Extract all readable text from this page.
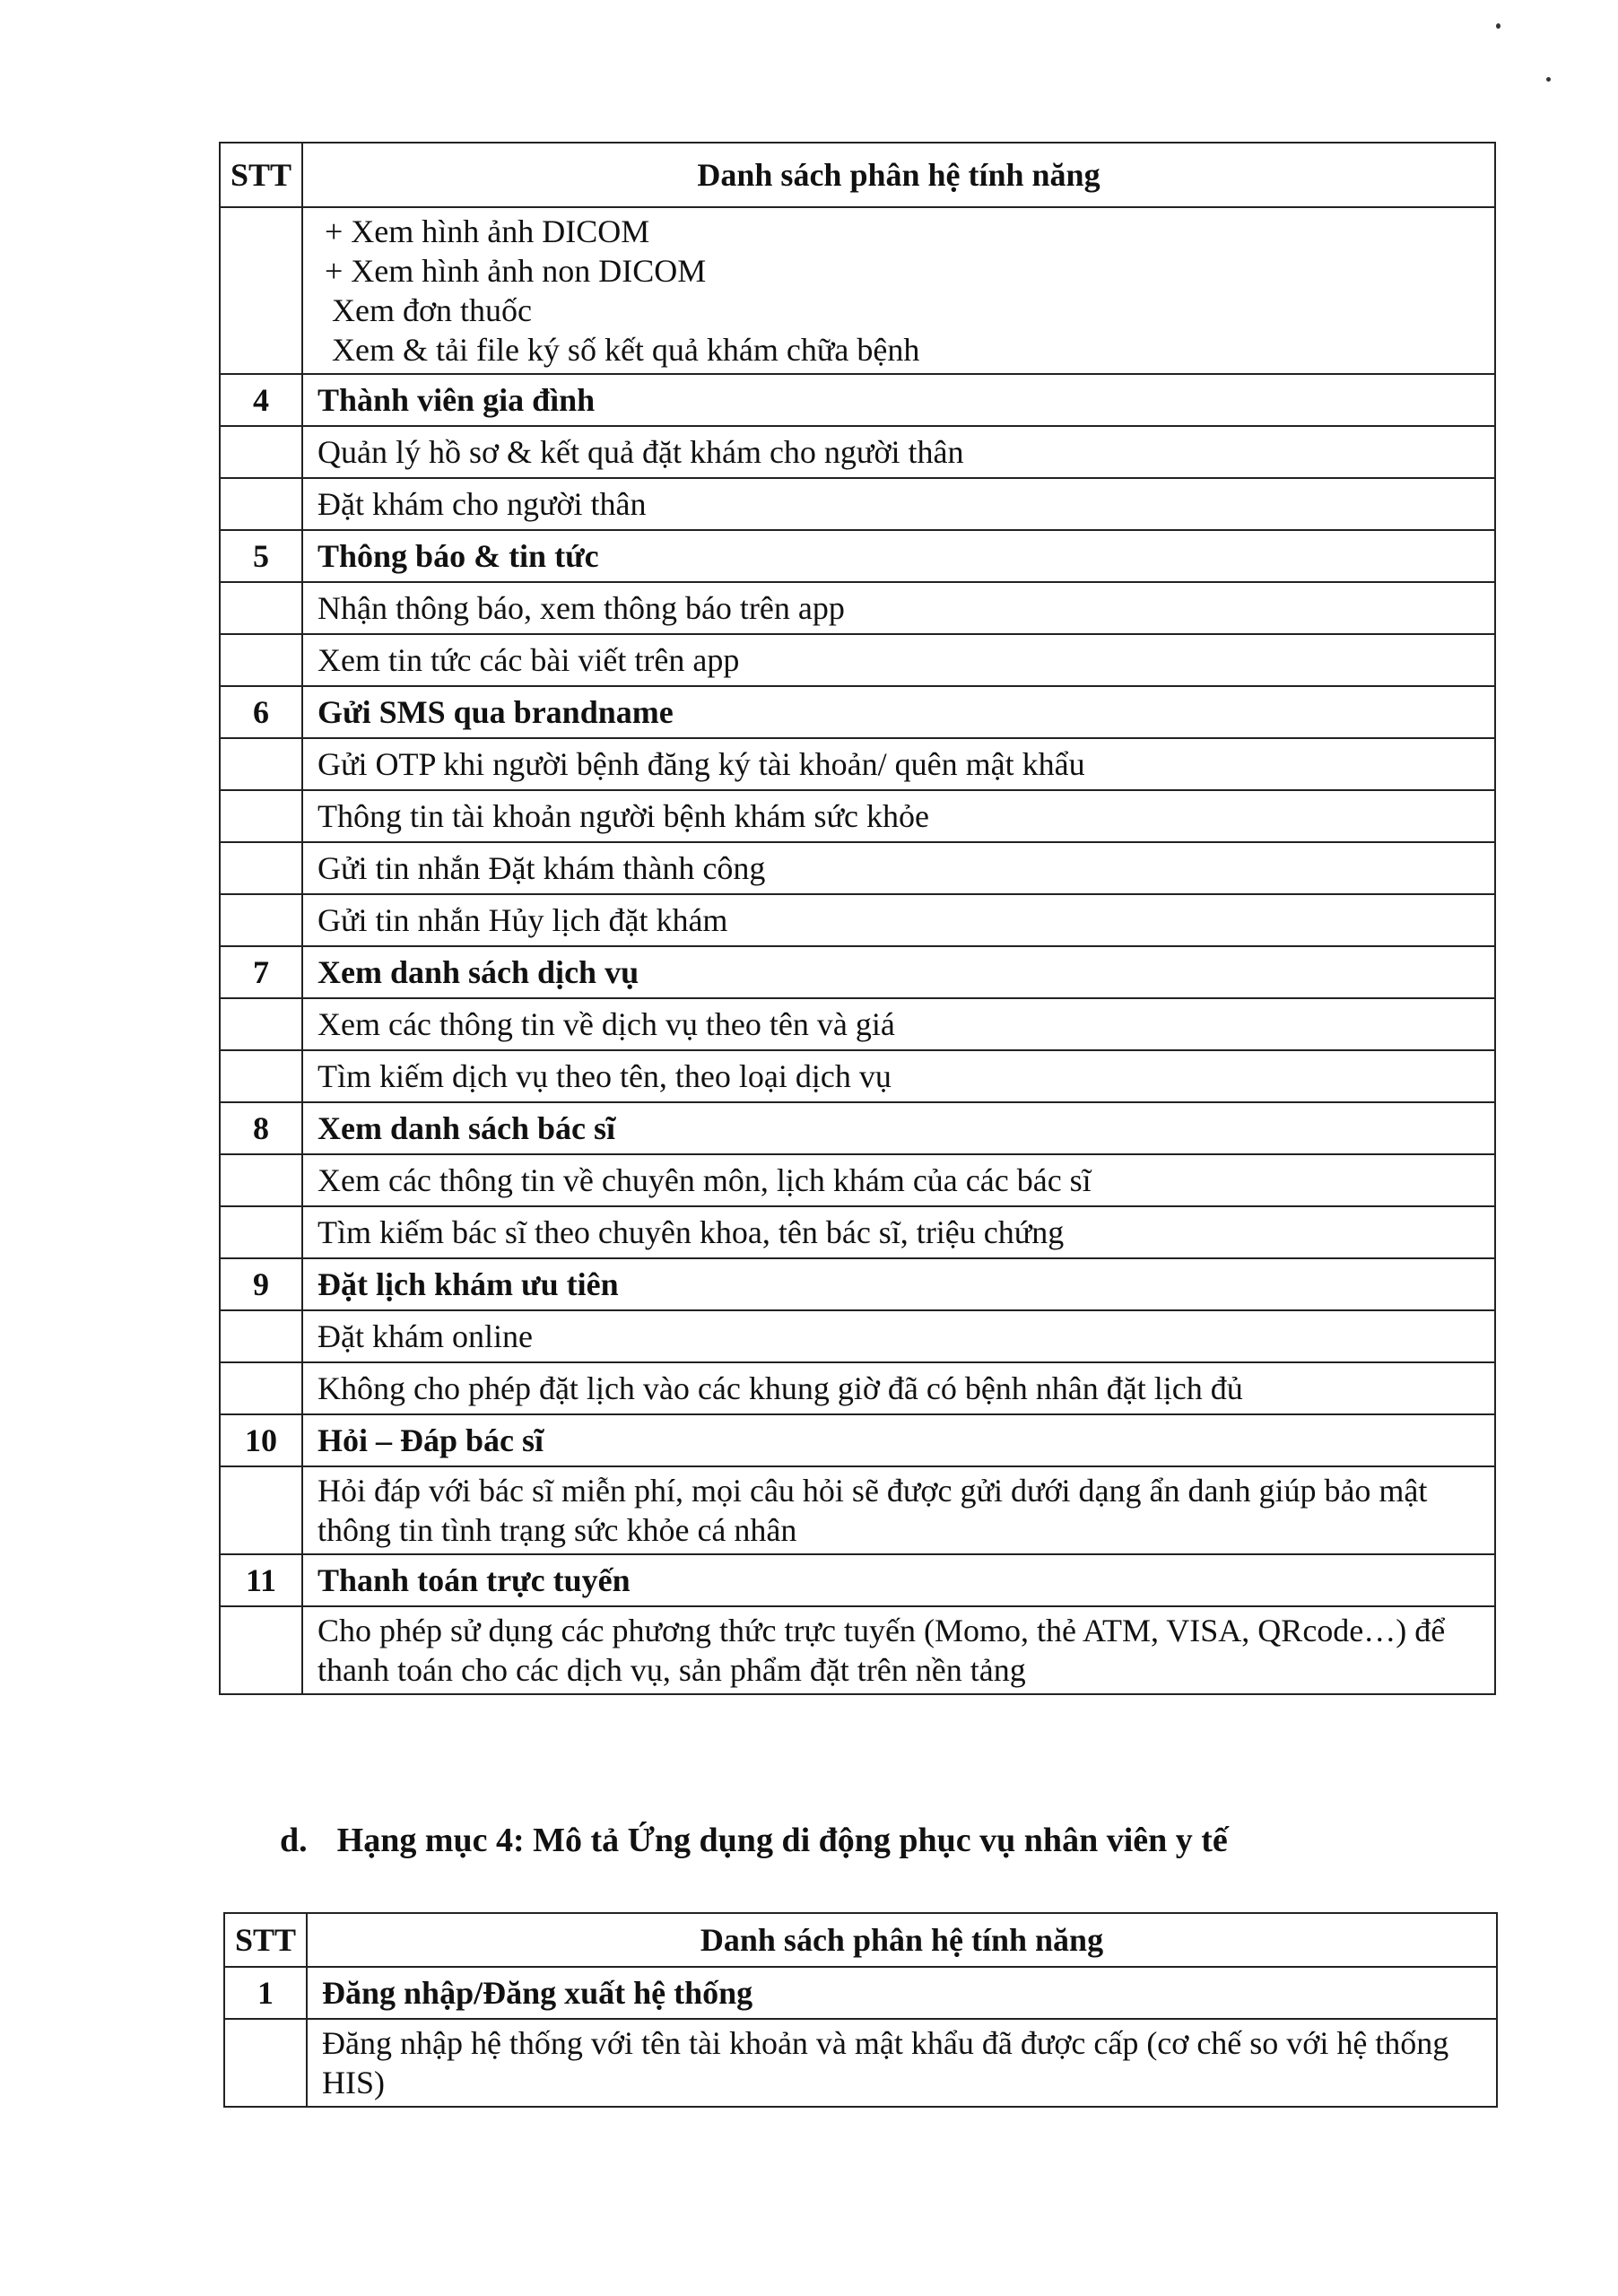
STT	Danh sách phân hệ tính năng

	+ Xem hình ảnh DICOM
+ Xem hình ảnh non DICOM
Xem đơn thuốc
Xem & tải file ký số kết quả khám chữa bệnh

4	Thành viên gia đình
	Quản lý hồ sơ & kết quả đặt khám cho người thân
	Đặt khám cho người thân
5	Thông báo & tin tức
	Nhận thông báo, xem thông báo trên app
	Xem tin tức các bài viết trên app
6	Gửi SMS qua brandname
	Gửi OTP khi người bệnh đăng ký tài khoản/ quên mật khẩu
	Thông tin tài khoản người bệnh khám sức khỏe
	Gửi tin nhắn Đặt khám thành công
	Gửi tin nhắn Hủy lịch đặt khám
7	Xem danh sách dịch vụ
	Xem các thông tin về dịch vụ theo tên và giá
	Tìm kiếm dịch vụ theo tên, theo loại dịch vụ
8	Xem danh sách bác sĩ
	Xem các thông tin về chuyên môn, lịch khám của các bác sĩ
	Tìm kiếm bác sĩ theo chuyên khoa, tên bác sĩ, triệu chứng
9	Đặt lịch khám ưu tiên
	Đặt khám online
	Không cho phép đặt lịch vào các khung giờ đã có bệnh nhân đặt lịch đủ
10	Hỏi – Đáp bác sĩ
	Hỏi đáp với bác sĩ miễn phí, mọi câu hỏi sẽ được gửi dưới dạng ẩn danh giúp bảo mật thông tin tình trạng sức khỏe cá nhân
11	Thanh toán trực tuyến
	Cho phép sử dụng các phương thức trực tuyến (Momo, thẻ ATM, VISA, QRcode…) để thanh toán cho các dịch vụ, sản phẩm đặt trên nền tảng
d. Hạng mục 4: Mô tả Ứng dụng di động phục vụ nhân viên y tế
STT	Danh sách phân hệ tính năng
1	Đăng nhập/Đăng xuất hệ thống
	Đăng nhập hệ thống với tên tài khoản và mật khẩu đã được cấp (cơ chế so với hệ thống HIS)
